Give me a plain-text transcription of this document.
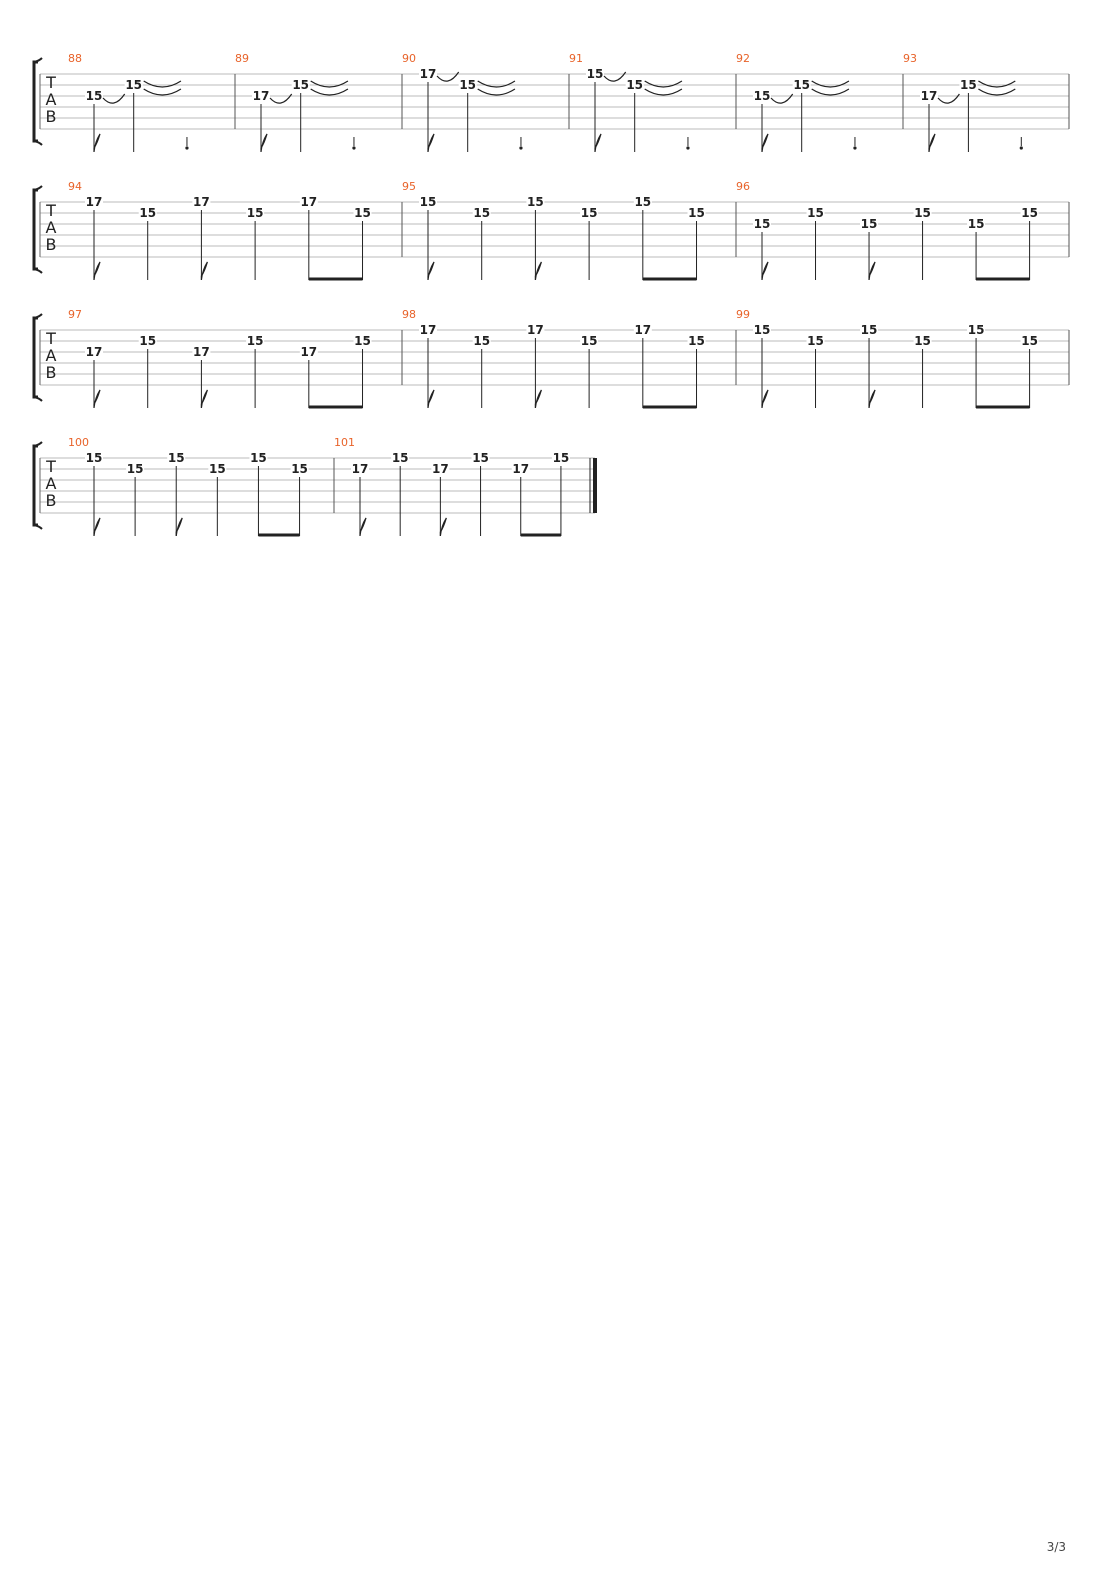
T
A
B
88
15
15
89
17
15
90
17
15
91
15
15
92
15
15
93
17
15
T
A
B
94
17
15
17
15
17
15
95
15
15
15
15
15
15
96
15
15
15
15
15
15
T
A
B
97
17
15
17
15
17
15
98
17
15
17
15
17
15
99
15
15
15
15
15
15
T
A
B
100
15
15
15
15
15
15
101
17
15
17
15
17
15
3/3
